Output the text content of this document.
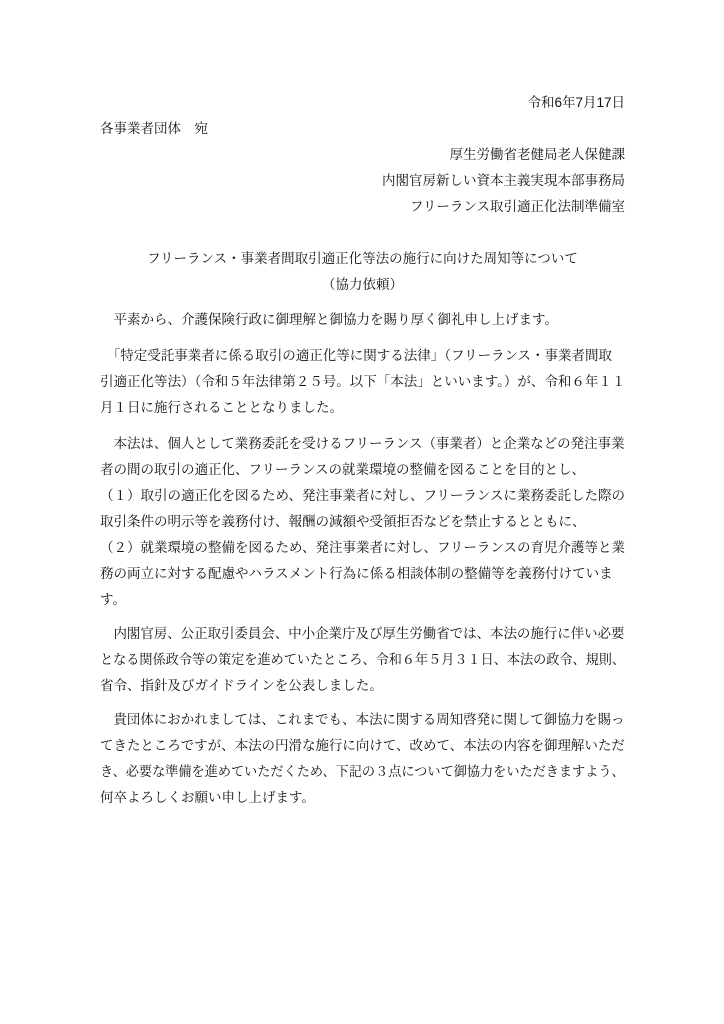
令和6年7月17日
各事業者団体　宛
厚生労働省老健局老人保健課
内閣官房新しい資本主義実現本部事務局
フリーランス取引適正化法制準備室
フリーランス・事業者間取引適正化等法の施行に向けた周知等について
（協力依頼）
　平素から、介護保険行政に御理解と御協力を賜り厚く御礼申し上げます。
　「特定受託事業者に係る取引の適正化等に関する法律」（フリーランス・事業者間取
引適正化等法）（令和５年法律第２５号。以下「本法」といいます。）が、令和６年１１
月１日に施行されることとなりました。
　本法は、個人として業務委託を受けるフリーランス（事業者）と企業などの発注事業
者の間の取引の適正化、フリーランスの就業環境の整備を図ることを目的とし、
（１）取引の適正化を図るため、発注事業者に対し、フリーランスに業務委託した際の
取引条件の明示等を義務付け、報酬の減額や受領拒否などを禁止するとともに、
（２）就業環境の整備を図るため、発注事業者に対し、フリーランスの育児介護等と業
務の両立に対する配慮やハラスメント行為に係る相談体制の整備等を義務付けていま
す。
　内閣官房、公正取引委員会、中小企業庁及び厚生労働省では、本法の施行に伴い必要
となる関係政令等の策定を進めていたところ、令和６年５月３１日、本法の政令、規則、
省令、指針及びガイドラインを公表しました。
　貴団体におかれましては、これまでも、本法に関する周知啓発に関して御協力を賜っ
てきたところですが、本法の円滑な施行に向けて、改めて、本法の内容を御理解いただ
き、必要な準備を進めていただくため、下記の３点について御協力をいただきますよう、
何卒よろしくお願い申し上げます。
